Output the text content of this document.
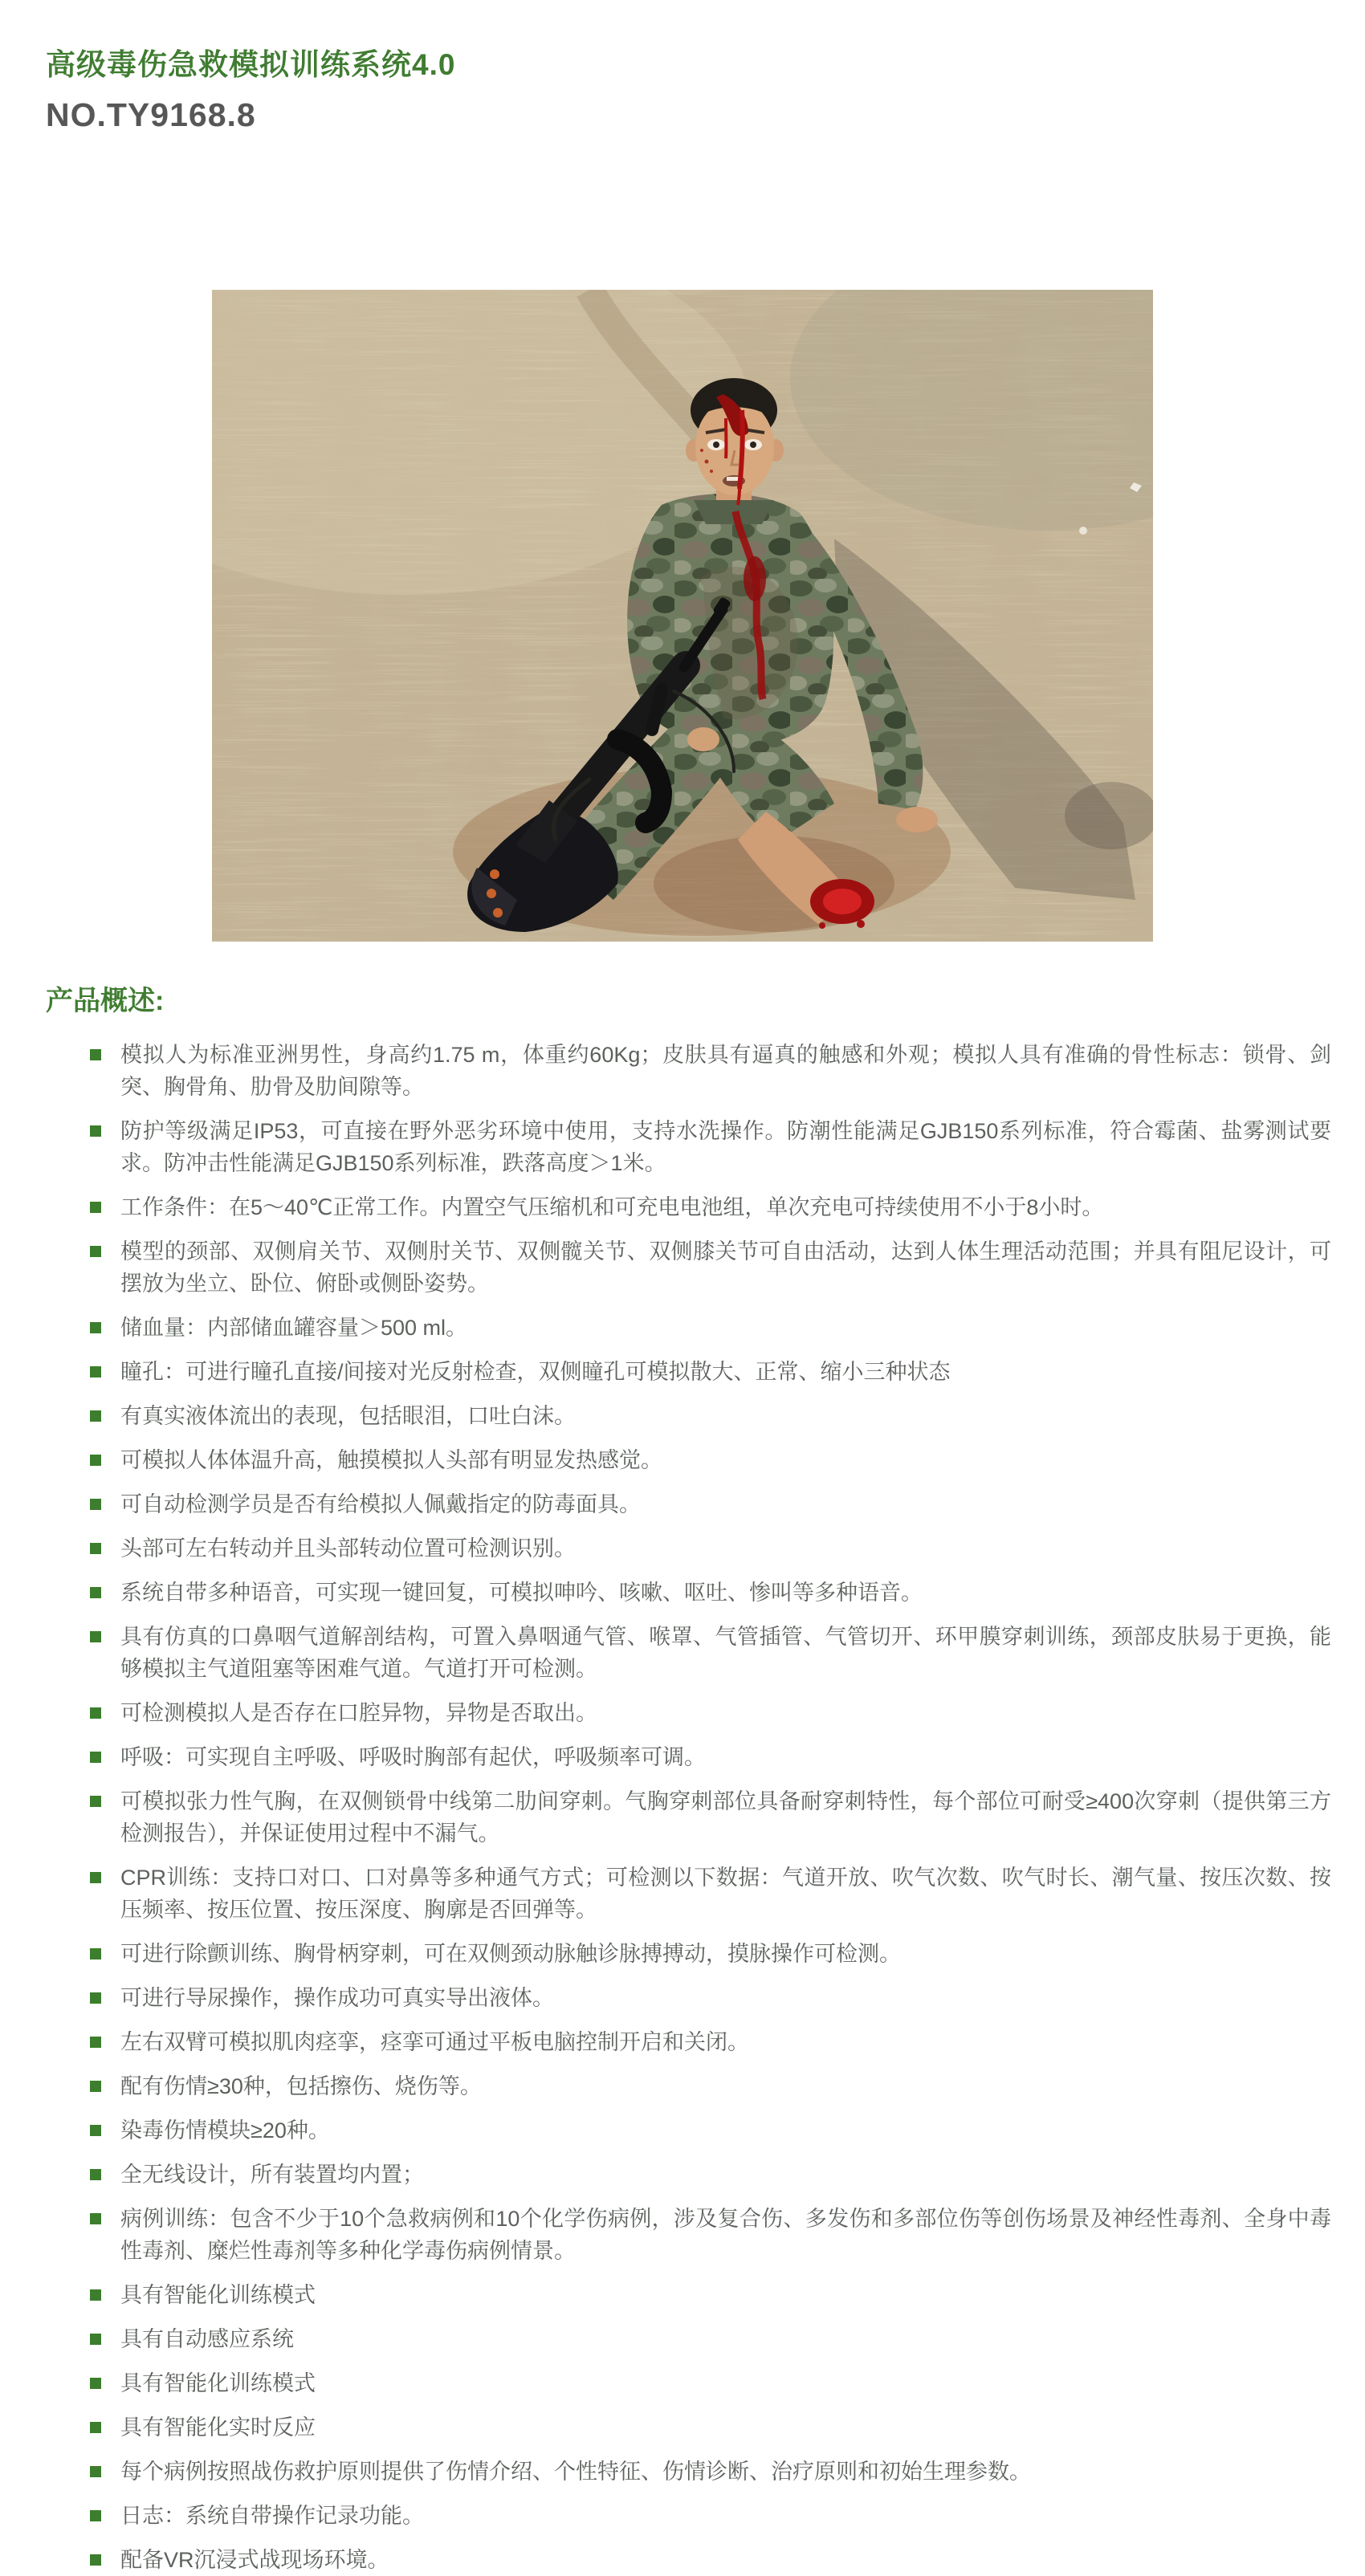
高级毒伤急救模拟训练系统4.0
NO.TY9168.8
产品概述:
模拟人为标准亚洲男性，身高约1.75 m，体重约60Kg；皮肤具有逼真的触感和外观；模拟人具有准确的骨性标志：锁骨、剑突、胸骨角、肋骨及肋间隙等。
防护等级满足IP53，可直接在野外恶劣环境中使用，支持水洗操作。防潮性能满足GJB150系列标准，符合霉菌、盐雾测试要求。防冲击性能满足GJB150系列标准，跌落高度＞1米。
工作条件：在5～40℃正常工作。内置空气压缩机和可充电电池组，单次充电可持续使用不小于8小时。
模型的颈部、双侧肩关节、双侧肘关节、双侧髋关节、双侧膝关节可自由活动，达到人体生理活动范围；并具有阻尼设计，可摆放为坐立、卧位、俯卧或侧卧姿势。
储血量：内部储血罐容量＞500 ml。
瞳孔：可进行瞳孔直接/间接对光反射检查，双侧瞳孔可模拟散大、正常、缩小三种状态
有真实液体流出的表现，包括眼泪，口吐白沫。
可模拟人体体温升高，触摸模拟人头部有明显发热感觉。
可自动检测学员是否有给模拟人佩戴指定的防毒面具。
头部可左右转动并且头部转动位置可检测识别。
系统自带多种语音，可实现一键回复，可模拟呻吟、咳嗽、呕吐、惨叫等多种语音。
具有仿真的口鼻咽气道解剖结构，可置入鼻咽通气管、喉罩、气管插管、气管切开、环甲膜穿刺训练，颈部皮肤易于更换，能够模拟主气道阻塞等困难气道。气道打开可检测。
可检测模拟人是否存在口腔异物，异物是否取出。
呼吸：可实现自主呼吸、呼吸时胸部有起伏，呼吸频率可调。
可模拟张力性气胸，在双侧锁骨中线第二肋间穿刺。气胸穿刺部位具备耐穿刺特性，每个部位可耐受≥400次穿刺（提供第三方检测报告），并保证使用过程中不漏气。
CPR训练：支持口对口、口对鼻等多种通气方式；可检测以下数据：气道开放、吹气次数、吹气时长、潮气量、按压次数、按压频率、按压位置、按压深度、胸廓是否回弹等。
可进行除颤训练、胸骨柄穿刺，可在双侧颈动脉触诊脉搏搏动，摸脉操作可检测。
可进行导尿操作，操作成功可真实导出液体。
左右双臂可模拟肌肉痉挛，痉挛可通过平板电脑控制开启和关闭。
配有伤情≥30种，包括擦伤、烧伤等。
染毒伤情模块≥20种。
全无线设计，所有装置均内置；
病例训练：包含不少于10个急救病例和10个化学伤病例，涉及复合伤、多发伤和多部位伤等创伤场景及神经性毒剂、全身中毒性毒剂、糜烂性毒剂等多种化学毒伤病例情景。
具有智能化训练模式
具有自动感应系统
具有智能化训练模式
具有智能化实时反应
每个病例按照战伤救护原则提供了伤情介绍、个性特征、伤情诊断、治疗原则和初始生理参数。
日志：系统自带操作记录功能。
配备VR沉浸式战现场环境。
